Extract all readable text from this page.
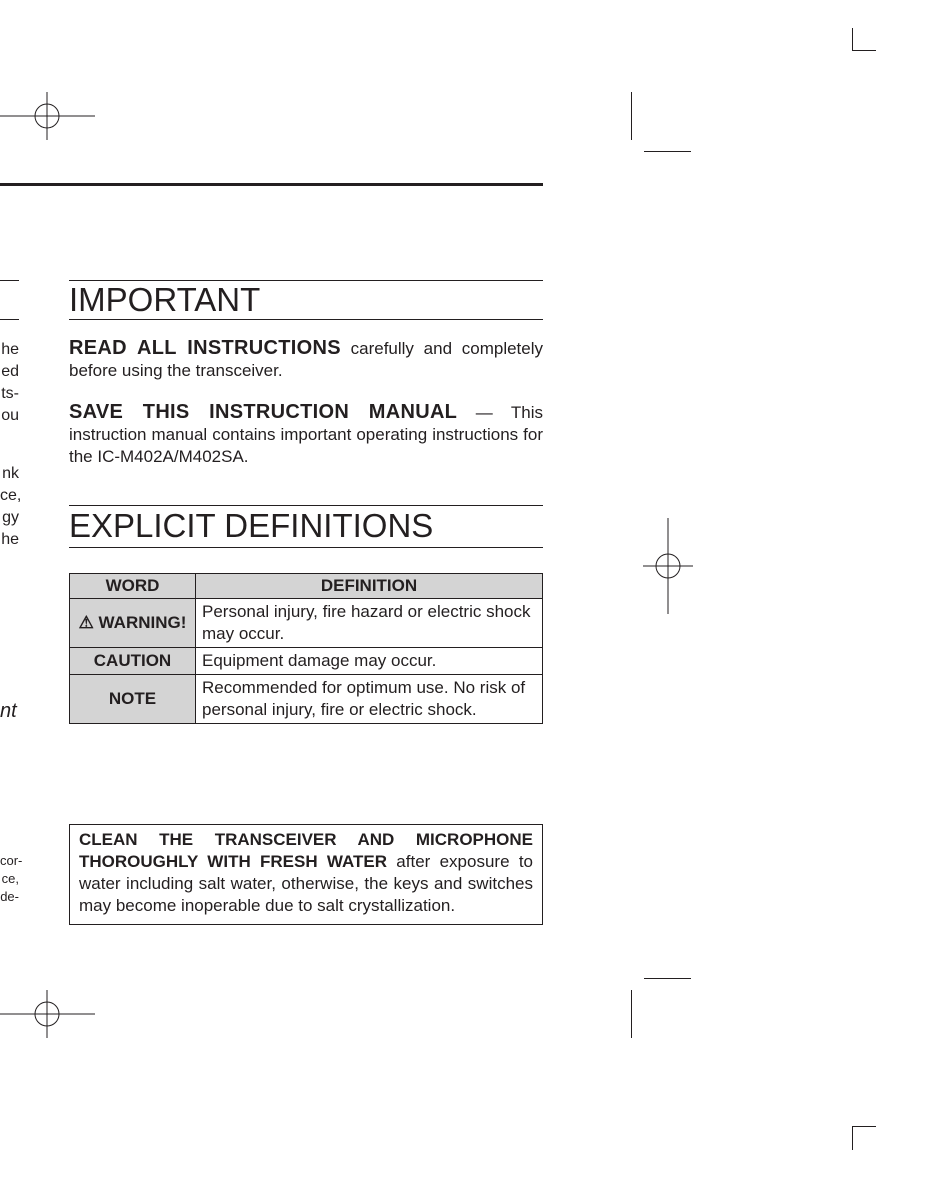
he
ed
ts-
ou
nk
ce,
gy
he
nt
cor-
ce,
de-
IMPORTANT

READ ALL INSTRUCTIONS carefully and completely before using the transceiver.

SAVE THIS INSTRUCTION MANUAL — This instruction manual contains important operating instructions for the IC-M402A/M402SA.

EXPLICIT DEFINITIONS
WORD	DEFINITION
⚠ WARNING!	Personal injury, fire hazard or electric shock may occur.
CAUTION	Equipment damage may occur.
NOTE	Recommended for optimum use. No risk of personal injury, fire or electric shock.
CLEAN THE TRANSCEIVER AND MICROPHONE THOROUGHLY WITH FRESH WATER after exposure to water including salt water, otherwise, the keys and switches may become inoperable due to salt crystallization.
